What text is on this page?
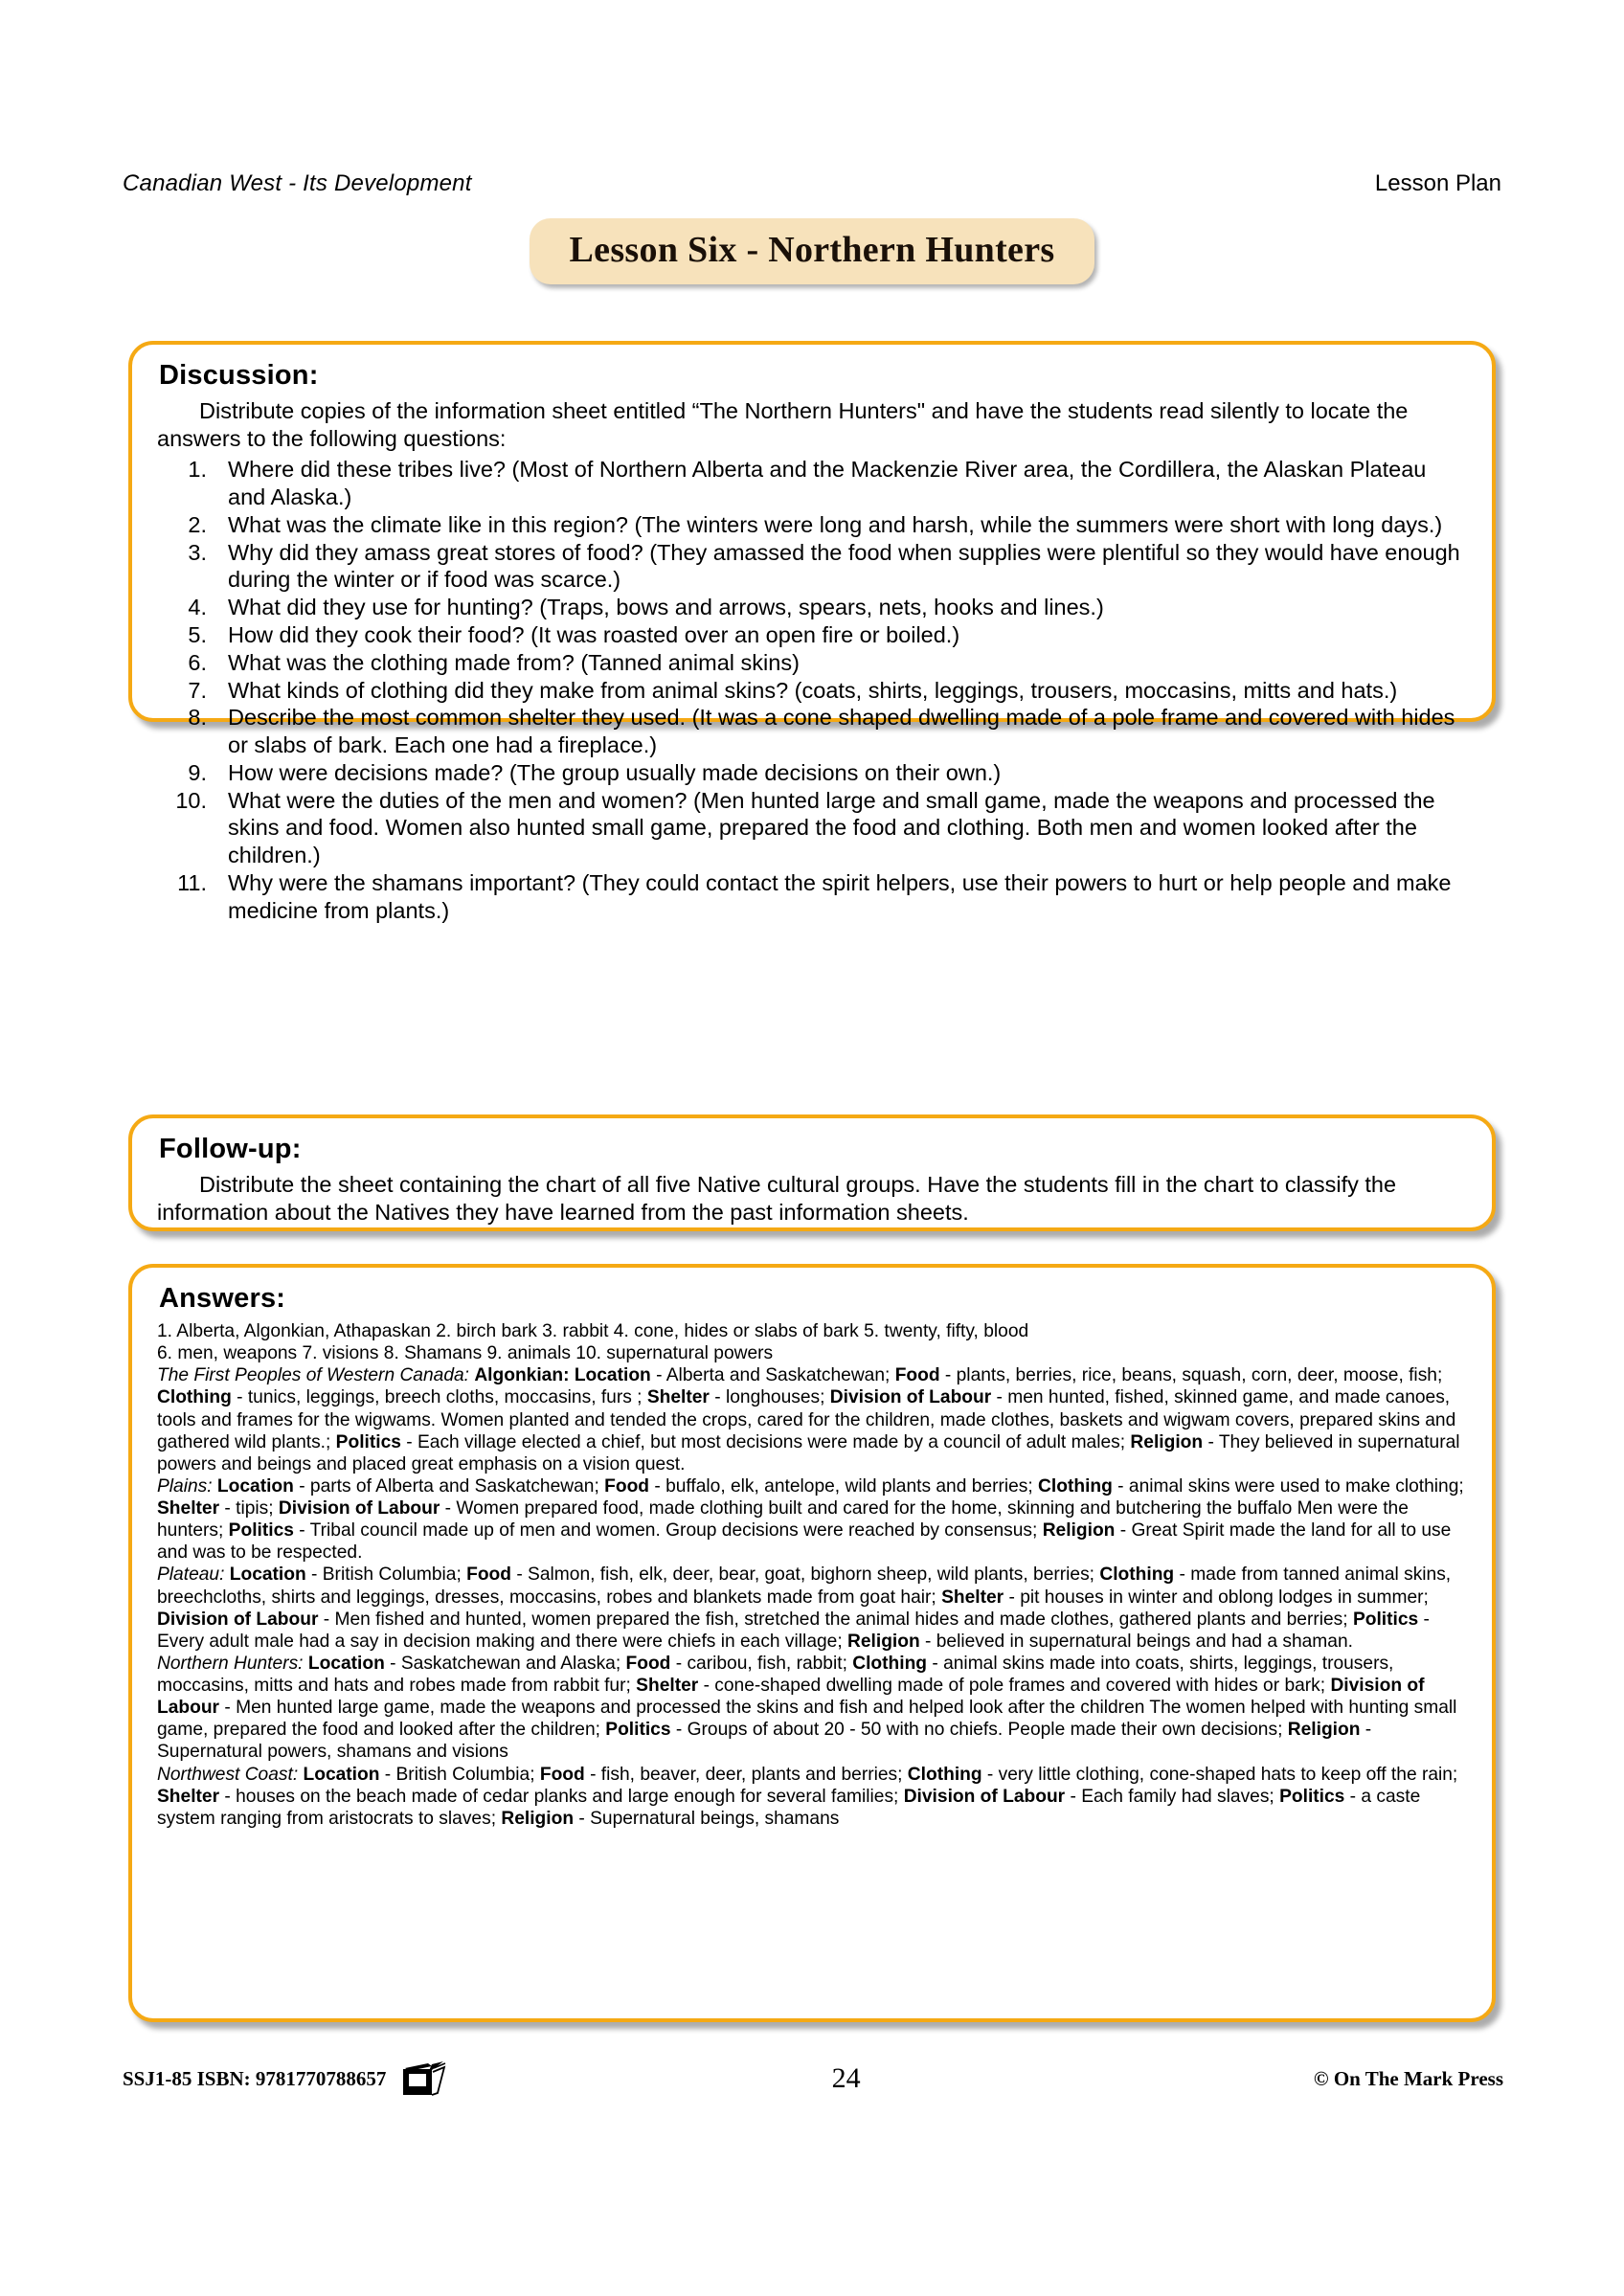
Canadian West - Its Development	Lesson Plan
Lesson Six - Northern Hunters
Discussion:

Distribute copies of the information sheet entitled “The Northern Hunters" and have the students read silently to locate the answers to the following questions:

1. Where did these tribes live? (Most of Northern Alberta and the Mackenzie River area, the Cordillera, the Alaskan Plateau and Alaska.)
2. What was the climate like in this region? (The winters were long and harsh, while the summers were short with long days.)
3. Why did they amass great stores of food? (They amassed the food when supplies were plentiful so they would have enough during the winter or if food was scarce.)
4. What did they use for hunting? (Traps, bows and arrows, spears, nets, hooks and lines.)
5. How did they cook their food? (It was roasted over an open fire or boiled.)
6. What was the clothing made from? (Tanned animal skins)
7. What kinds of clothing did they make from animal skins? (coats, shirts, leggings, trousers, moccasins, mitts and hats.)
8. Describe the most common shelter they used. (It was a cone shaped dwelling made of a pole frame and covered with hides or slabs of bark. Each one had a fireplace.)
9. How were decisions made? (The group usually made decisions on their own.)
10. What were the duties of the men and women? (Men hunted large and small game, made the weapons and processed the skins and food. Women also hunted small game, prepared the food and clothing. Both men and women looked after the children.)
11. Why were the shamans important? (They could contact the spirit helpers, use their powers to hurt or help people and make medicine from plants.)
Follow-up:

Distribute the sheet containing the chart of all five Native cultural groups. Have the students fill in the chart to classify the information about the Natives they have learned from the past information sheets.

Answers:

1. Alberta, Algonkian, Athapaskan 2. birch bark 3. rabbit 4. cone, hides or slabs of bark 5. twenty, fifty, blood

6. men, weapons 7. visions 8. Shamans 9. animals 10. supernatural powers

The First Peoples of Western Canada: Algonkian: Location - Alberta and Saskatchewan; Food - plants, berries, rice, beans, squash, corn, deer, moose, fish; Clothing - tunics, leggings, breech cloths, moccasins, furs ; Shelter - longhouses; Division of Labour - men hunted, fished, skinned game, and made canoes, tools and frames for the wigwams. Women planted and tended the crops, cared for the children, made clothes, baskets and wigwam covers, prepared skins and gathered wild plants.; Politics - Each village elected a chief, but most decisions were made by a council of adult males; Religion - They believed in supernatural powers and beings and placed great emphasis on a vision quest.

Plains: Location - parts of Alberta and Saskatchewan; Food - buffalo, elk, antelope, wild plants and berries; Clothing - animal skins were used to make clothing; Shelter - tipis; Division of Labour - Women prepared food, made clothing built and cared for the home, skinning and butchering the buffalo Men were the hunters; Politics - Tribal council made up of men and women. Group decisions were reached by consensus; Religion - Great Spirit made the land for all to use and was to be respected.

Plateau: Location - British Columbia; Food - Salmon, fish, elk, deer, bear, goat, bighorn sheep, wild plants, berries; Clothing - made from tanned animal skins, breechcloths, shirts and leggings, dresses, moccasins, robes and blankets made from goat hair; Shelter - pit houses in winter and oblong lodges in summer; Division of Labour - Men fished and hunted, women prepared the fish, stretched the animal hides and made clothes, gathered plants and berries; Politics - Every adult male had a say in decision making and there were chiefs in each village; Religion - believed in supernatural beings and had a shaman.

Northern Hunters: Location - Saskatchewan and Alaska; Food - caribou, fish, rabbit; Clothing - animal skins made into coats, shirts, leggings, trousers, moccasins, mitts and hats and robes made from rabbit fur; Shelter - cone-shaped dwelling made of pole frames and covered with hides or bark; Division of Labour - Men hunted large game, made the weapons and processed the skins and fish and helped look after the children The women helped with hunting small game, prepared the food and looked after the children; Politics - Groups of about 20 - 50 with no chiefs. People made their own decisions; Religion - Supernatural powers, shamans and visions

Northwest Coast: Location - British Columbia; Food - fish, beaver, deer, plants and berries; Clothing - very little clothing, cone-shaped hats to keep off the rain; Shelter - houses on the beach made of cedar planks and large enough for several families; Division of Labour - Each family had slaves; Politics - a caste system ranging from aristocrats to slaves; Religion - Supernatural beings, shamans

SSJ1-85 ISBN: 9781770788657	24	© On The Mark Press
